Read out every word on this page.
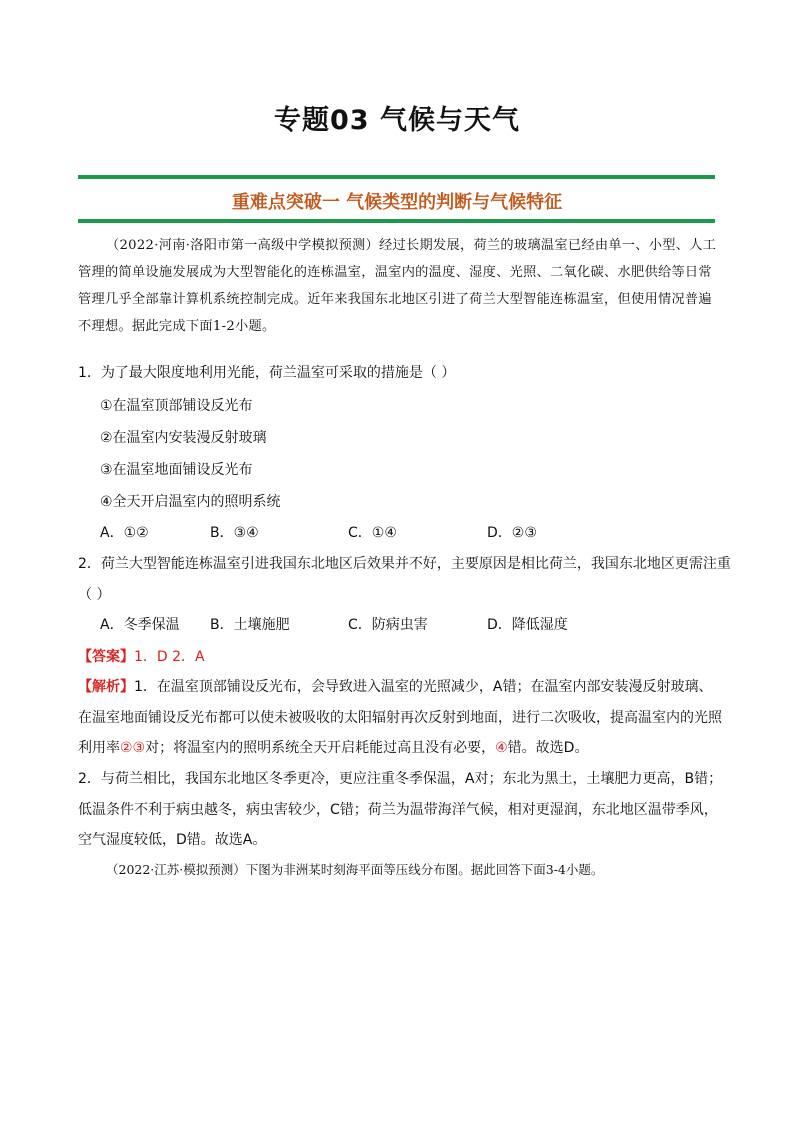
专题03 气候与天气
重难点突破一 气候类型的判断与气候特征
（2022·河南·洛阳市第一高级中学模拟预测）经过长期发展，荷兰的玻璃温室已经由单一、小型、人工管理的简单设施发展成为大型智能化的连栋温室，温室内的温度、湿度、光照、二氧化碳、水肥供给等日常管理几乎全部靠计算机系统控制完成。近年来我国东北地区引进了荷兰大型智能连栋温室，但使用情况普遍不理想。据此完成下面1-2小题。
1．为了最大限度地利用光能，荷兰温室可采取的措施是（ ）
①在温室顶部铺设反光布
②在温室内安装漫反射玻璃
③在温室地面铺设反光布
④全天开启温室内的照明系统
A．①②	B．③④	C．①④	D．②③
2．荷兰大型智能连栋温室引进我国东北地区后效果并不好，主要原因是相比荷兰，我国东北地区更需注重
（ ）
A．冬季保温 B．土壤施肥	C．防病虫害	D．降低湿度
【答案】1．D 2．A
【解析】1．在温室顶部铺设反光布，会导致进入温室的光照减少，A错；在温室内部安装漫反射玻璃、在温室地面铺设反光布都可以使未被吸收的太阳辐射再次反射到地面，进行二次吸收，提高温室内的光照利用率②③对；将温室内的照明系统全天开启耗能过高且没有必要，④错。故选D。
2．与荷兰相比，我国东北地区冬季更冷，更应注重冬季保温，A对；东北为黑土，土壤肥力更高，B错；低温条件不利于病虫越冬，病虫害较少，C错；荷兰为温带海洋气候，相对更湿润，东北地区温带季风，空气湿度较低，D错。故选A。
（2022·江苏·模拟预测）下图为非洲某时刻海平面等压线分布图。据此回答下面3-4小题。
